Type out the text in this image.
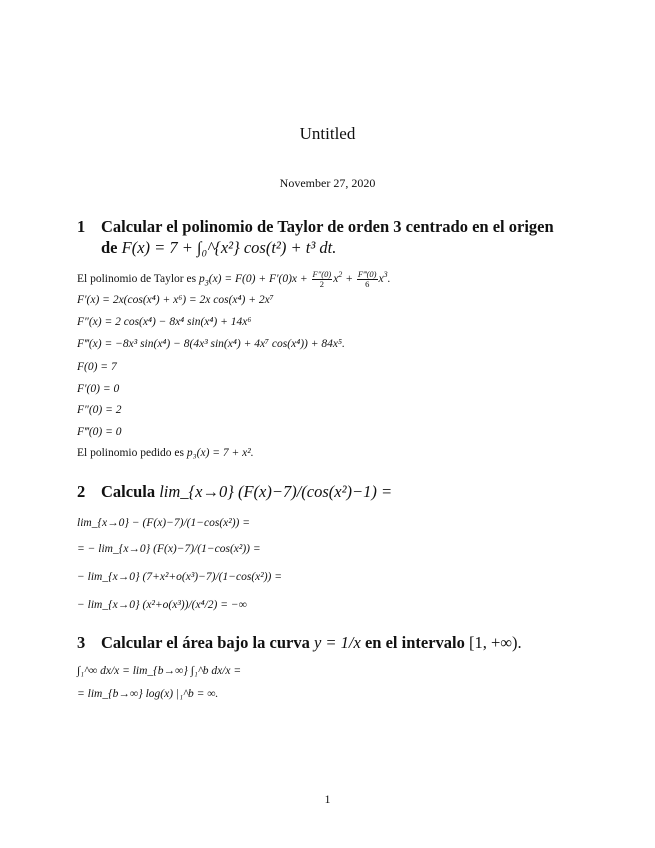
Untitled
November 27, 2020
1 Calcular el polinomio de Taylor de orden 3 centrado en el origen
de F(x) = 7 + ∫₀^{x²} cos(t²) + t³ dt.
El polinomio de Taylor es $p_3(x) = F(0) + F'(0)x + \frac{F''(0)}{2} x^2 + \frac{F‴(0)}{6} x^3$.
F′(x) = 2x(cos(x⁴) + x⁶) = 2x cos(x⁴) + 2x⁷
F″(x) = 2 cos(x⁴) − 8x⁴ sin(x⁴) + 14x⁶
F‴(x) = −8x³ sin(x⁴) − 8(4x³ sin(x⁴) + 4x⁷ cos(x⁴)) + 84x⁵.
F(0) = 7
F′(0) = 0
F″(0) = 2
F‴(0) = 0
El polinomio pedido es p₃(x) = 7 + x².
2 Calcula lim_{x→0} (F(x)−7)/(cos(x²)−1) =
lim_{x→0} − (F(x)−7)/(1−cos(x²)) =
= − lim_{x→0} (F(x)−7)/(1−cos(x²)) =
− lim_{x→0} (7+x²+o(x³)−7)/(1−cos(x²)) =
− lim_{x→0} (x²+o(x³))/(x⁴/2) = −∞
3 Calcular el área bajo la curva y = 1/x en el intervalo [1, +∞).
∫₁^∞ dx/x = lim_{b→∞} ∫₁^b dx/x =
= lim_{b→∞} log(x) |₁^b = ∞.
1
